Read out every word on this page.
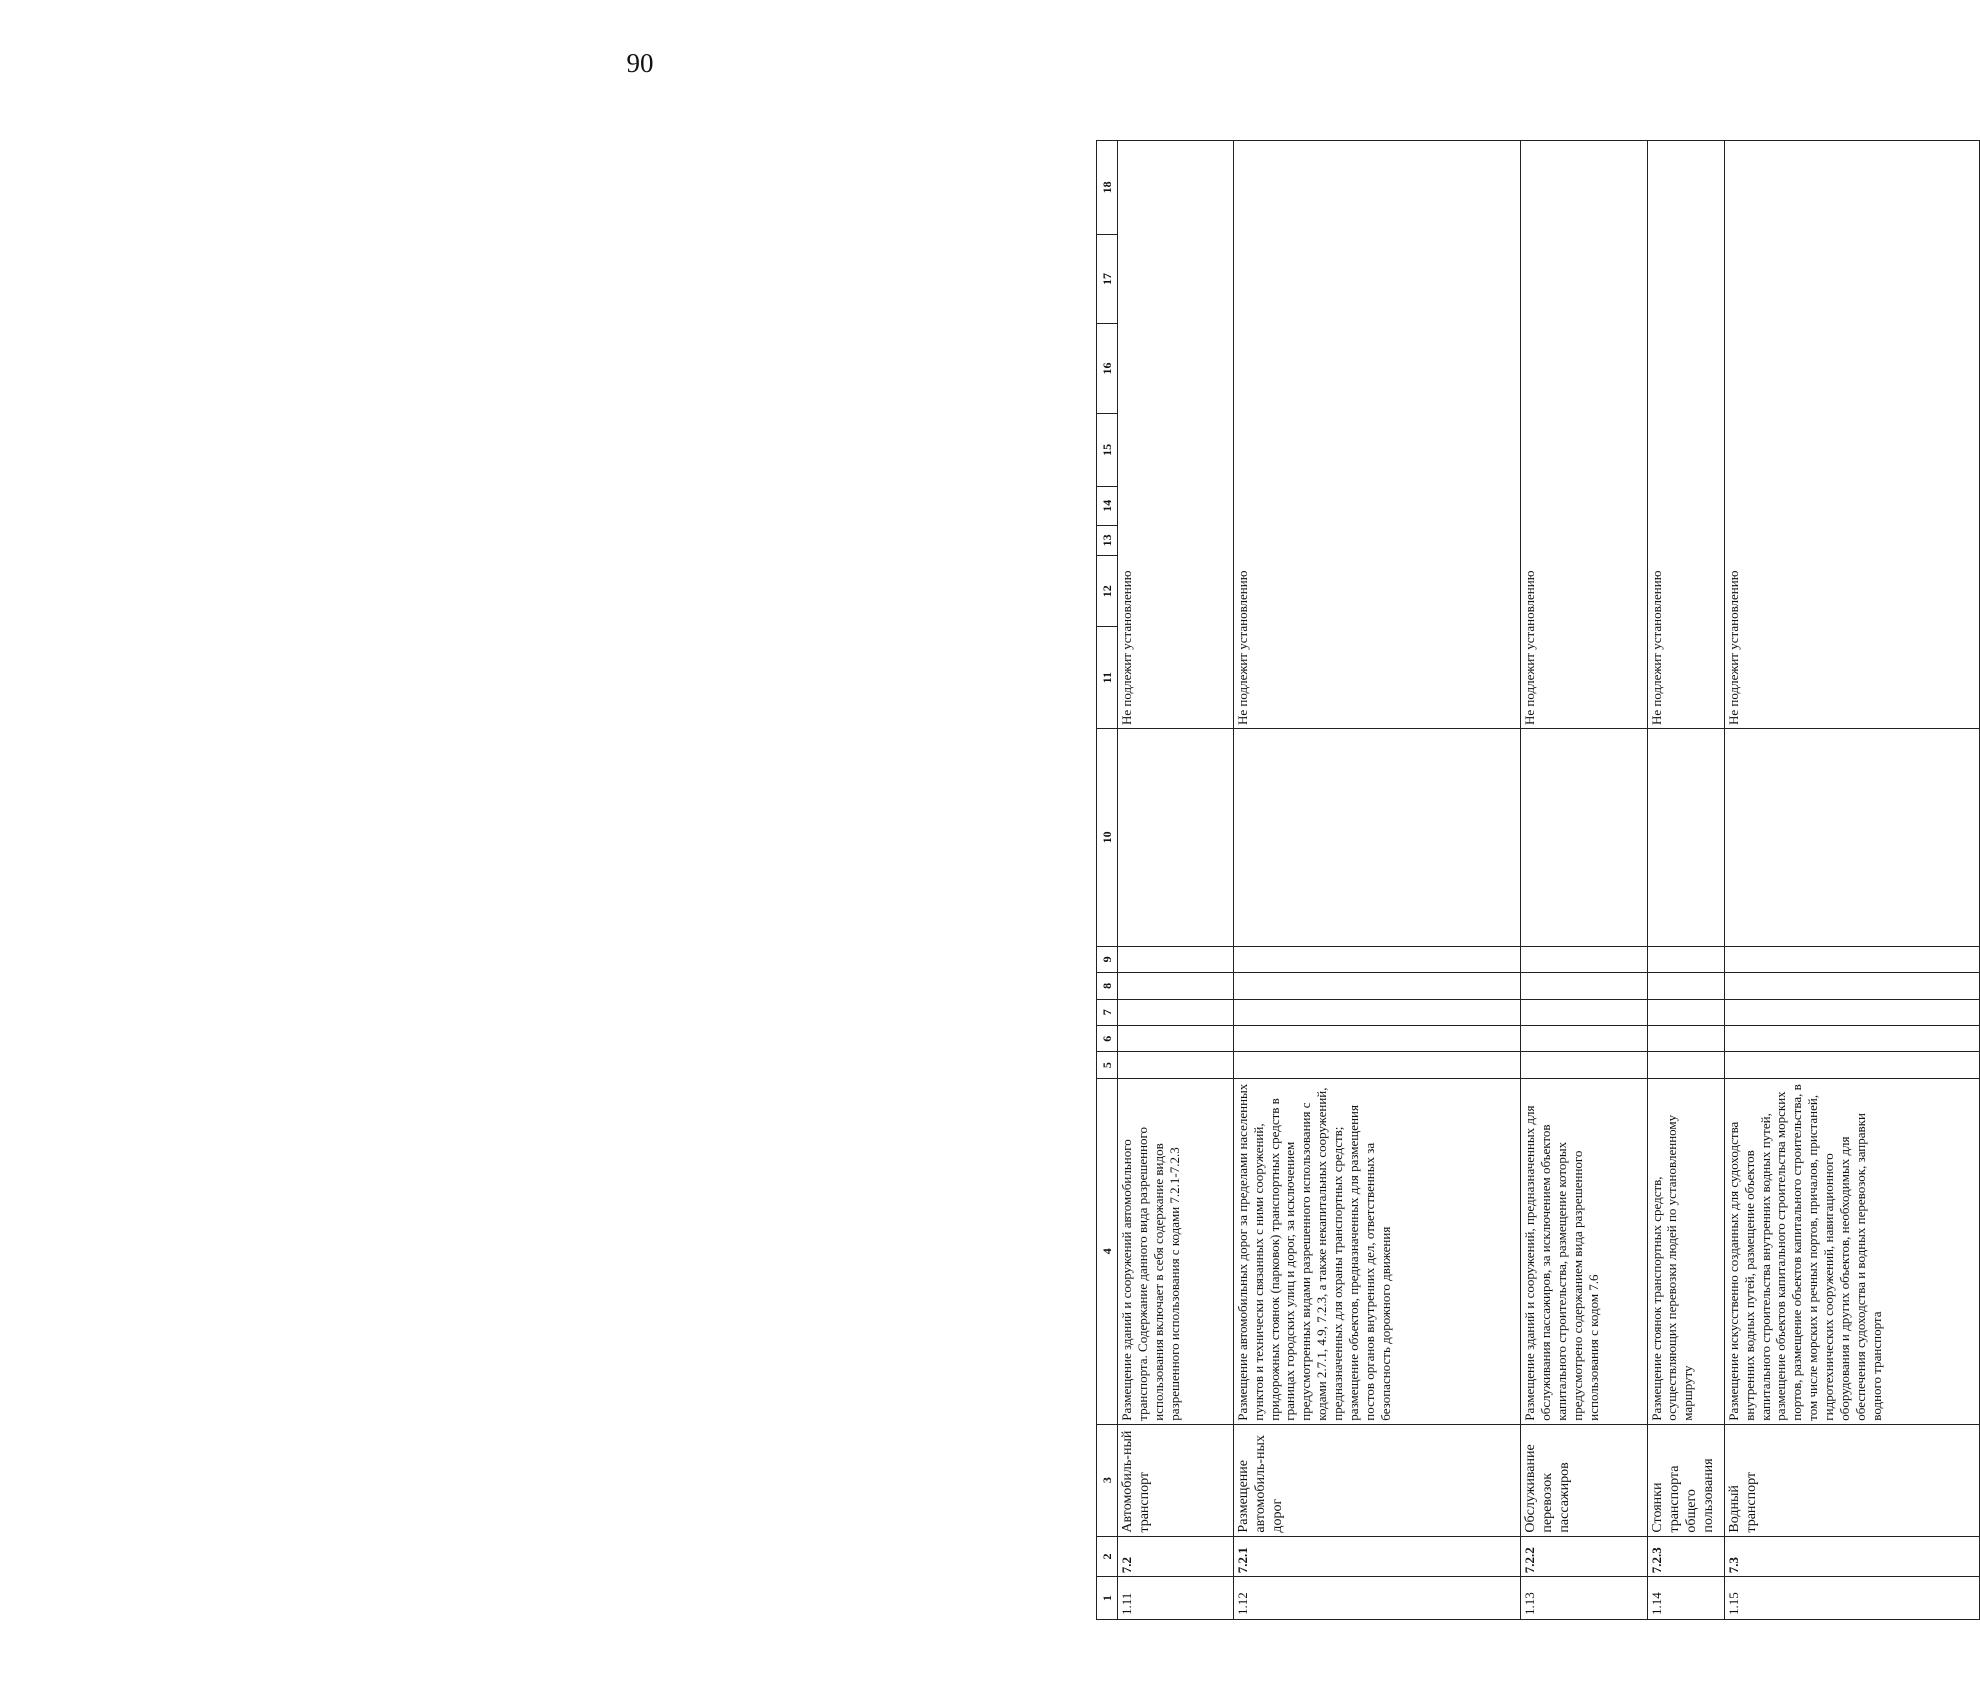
90
1	2	3	4	5	6	7	8	9	10	11	12	13	14	15	16	17	18
1.11	7.2	Автомобиль-ный транспорт	Размещение зданий и сооружений автомобильного транспорта. Содержание данного вида разрешенного использования включает в себя содержание видов разрешенного использования с кодами 7.2.1-7.2.3							Не подлежит установлению							
1.12	7.2.1	Размещение автомобиль-ных дорог	Размещение автомобильных дорог за пределами населенных пунктов и технически связанных с ними сооружений, придорожных стоянок (парковок) транспортных средств в границах городских улиц и дорог, за исключением предусмотренных видами разрешенного использования с кодами 2.7.1, 4.9, 7.2.3, а также некапитальных сооружений, предназначенных для охраны транспортных средств; размещение объектов, предназначенных для размещения постов органов внутренних дел, ответственных за безопасность дорожного движения							Не подлежит установлению							
1.13	7.2.2	Обслуживание перевозок пассажиров	Размещение зданий и сооружений, предназначенных для обслуживания пассажиров, за исключением объектов капитального строительства, размещение которых предусмотрено содержанием вида разрешенного использования с кодом 7.6							Не подлежит установлению							
1.14	7.2.3	Стоянки транспорта общего пользования	Размещение стоянок транспортных средств, осуществляющих перевозки людей по установленному маршруту							Не подлежит установлению							
1.15	7.3	Водный транспорт	Размещение искусственно созданных для судоходства внутренних водных путей, размещение объектов капитального строительства внутренних водных путей, размещение объектов капитального строительства морских портов, размещение объектов капитального строительства, в том числе морских и речных портов, причалов, пристаней, гидротехнических сооружений, навигационного оборудования и других объектов, необходимых для обеспечения судоходства и водных перевозок, заправки водного транспорта							Не подлежит установлению							
